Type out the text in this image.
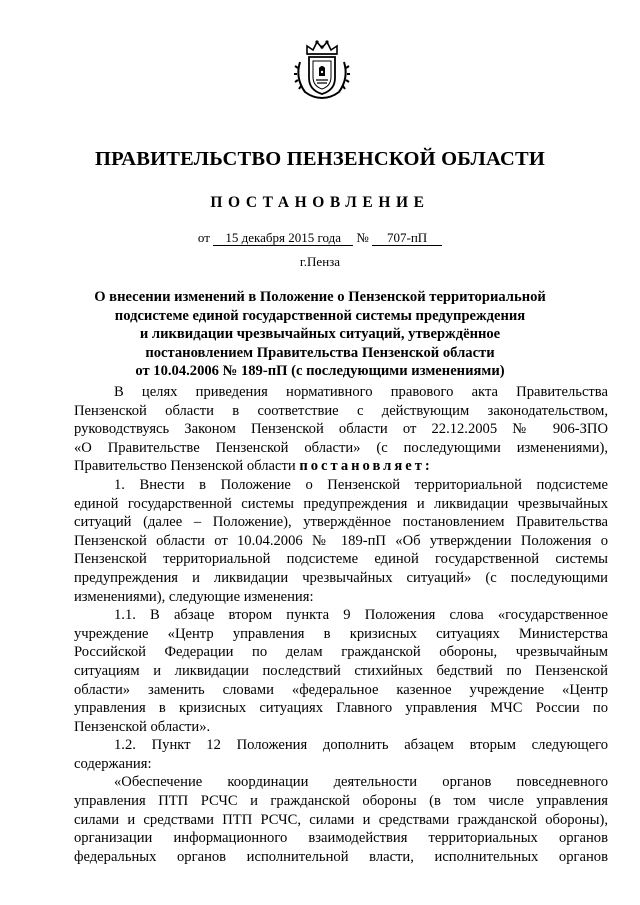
ПРАВИТЕЛЬСТВО ПЕНЗЕНСКОЙ ОБЛАСТИ
ПОСТАНОВЛЕНИЕ
от 15 декабря 2015 года № 707-пП
г.Пенза
О внесении изменений в Положение о Пензенской территориальной
подсистеме единой государственной системы предупреждения
и ликвидации чрезвычайных ситуаций, утверждённое
постановлением Правительства Пензенской области
от 10.04.2006 № 189-пП (с последующими изменениями)
В целях приведения нормативного правового акта Правительства
Пензенской области в соответствие с действующим законодательством,
руководствуясь Законом Пензенской области от 22.12.2005 № 906-ЗПО
«О Правительстве Пензенской области» (с последующими изменениями),
Правительство Пензенской области постановляет:
1. Внести в Положение о Пензенской территориальной подсистеме
единой государственной системы предупреждения и ликвидации чрезвычайных
ситуаций (далее – Положение), утверждённое постановлением Правительства
Пензенской области от 10.04.2006 № 189-пП «Об утверждении Положения о
Пензенской территориальной подсистеме единой государственной системы
предупреждения и ликвидации чрезвычайных ситуаций» (с последующими
изменениями), следующие изменения:
1.1. В абзаце втором пункта 9 Положения слова «государственное
учреждение «Центр управления в кризисных ситуациях Министерства
Российской Федерации по делам гражданской обороны, чрезвычайным
ситуациям и ликвидации последствий стихийных бедствий по Пензенской
области» заменить словами «федеральное казенное учреждение «Центр
управления в кризисных ситуациях Главного управления МЧС России по
Пензенской области».
1.2. Пункт 12 Положения дополнить абзацем вторым следующего
содержания:
«Обеспечение координации деятельности органов повседневного
управления ПТП РСЧС и гражданской обороны (в том числе управления
силами и средствами ПТП РСЧС, силами и средствами гражданской обороны),
организации информационного взаимодействия территориальных органов
федеральных органов исполнительной власти, исполнительных органов
